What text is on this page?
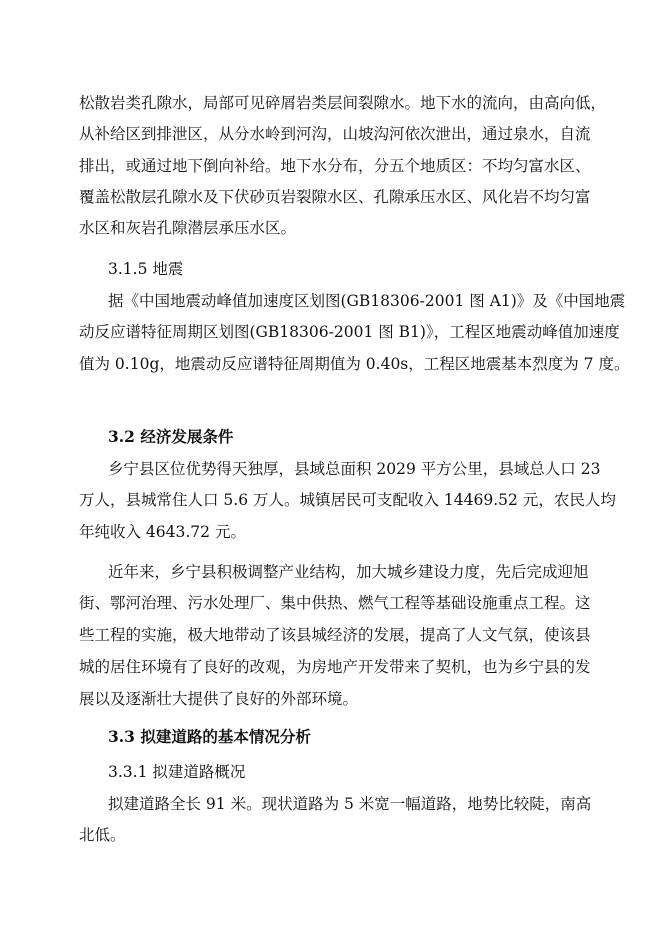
松散岩类孔隙水，局部可见碎屑岩类层间裂隙水。地下水的流向，由高向低，
从补给区到排泄区，从分水岭到河沟，山坡沟河依次泄出，通过泉水，自流
排出，或通过地下倒向补给。地下水分布，分五个地质区：不均匀富水区、
覆盖松散层孔隙水及下伏砂页岩裂隙水区、孔隙承压水区、风化岩不均匀富
水区和灰岩孔隙潜层承压水区。
3.1.5 地震
据《中国地震动峰值加速度区划图(GB18306-2001 图 A1)》及《中国地震
动反应谱特征周期区划图(GB18306-2001 图 B1)》，工程区地震动峰值加速度
值为 0.10g，地震动反应谱特征周期值为 0.40s，工程区地震基本烈度为 7 度。
3.2 经济发展条件
乡宁县区位优势得天独厚，县域总面积 2029 平方公里，县域总人口 23
万人，县城常住人口 5.6 万人。城镇居民可支配收入 14469.52 元，农民人均
年纯收入 4643.72 元。
近年来，乡宁县积极调整产业结构，加大城乡建设力度，先后完成迎旭
街、鄂河治理、污水处理厂、集中供热、燃气工程等基础设施重点工程。这
些工程的实施，极大地带动了该县城经济的发展，提高了人文气氛，使该县
城的居住环境有了良好的改观，为房地产开发带来了契机，也为乡宁县的发
展以及逐渐壮大提供了良好的外部环境。
3.3 拟建道路的基本情况分析
3.3.1 拟建道路概况
拟建道路全长 91 米。现状道路为 5 米宽一幅道路，地势比较陡，南高
北低。
